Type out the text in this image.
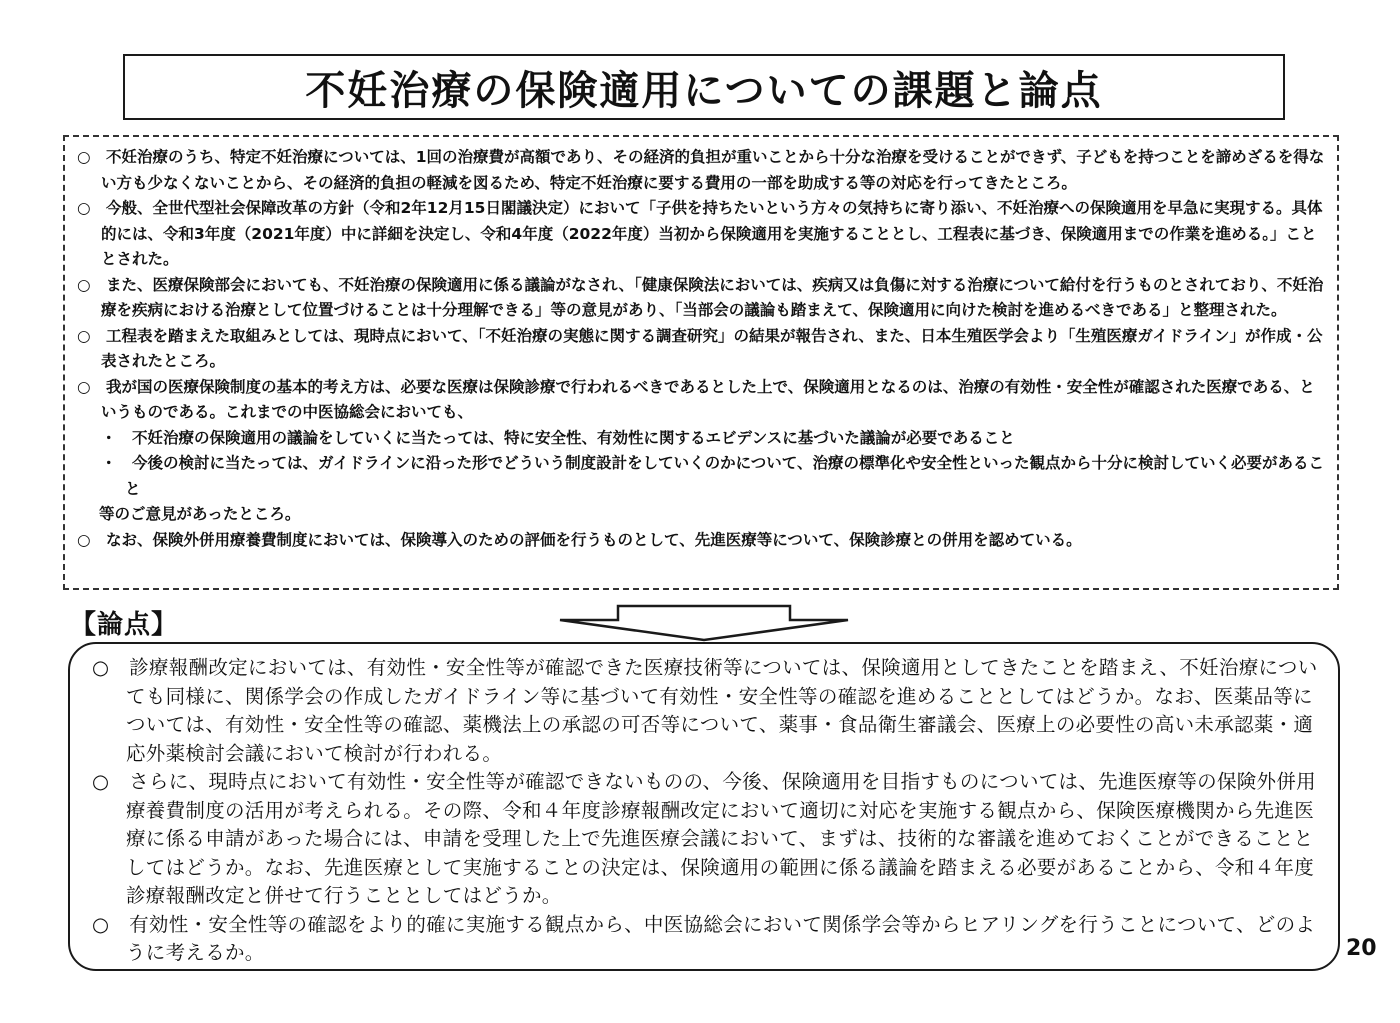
不妊治療の保険適用についての課題と論点

○　不妊治療のうち、特定不妊治療については、1回の治療費が高額であり、その経済的負担が重いことから十分な治療を受けることができず、子どもを持つことを諦めざるを得ない方も少なくないことから、その経済的負担の軽減を図るため、特定不妊治療に要する費用の一部を助成する等の対応を行ってきたところ。

○　今般、全世代型社会保障改革の方針（令和2年12月15日閣議決定）において「子供を持ちたいという方々の気持ちに寄り添い、不妊治療への保険適用を早急に実現する。具体的には、令和3年度（2021年度）中に詳細を決定し、令和4年度（2022年度）当初から保険適用を実施することとし、工程表に基づき、保険適用までの作業を進める。」こととされた。

○　また、医療保険部会においても、不妊治療の保険適用に係る議論がなされ、「健康保険法においては、疾病又は負傷に対する治療について給付を行うものとされており、不妊治療を疾病における治療として位置づけることは十分理解できる」等の意見があり、「当部会の議論も踏まえて、保険適用に向けた検討を進めるべきである」と整理された。

○　工程表を踏まえた取組みとしては、現時点において、「不妊治療の実態に関する調査研究」の結果が報告され、また、日本生殖医学会より「生殖医療ガイドライン」が作成・公表されたところ。

○　我が国の医療保険制度の基本的考え方は、必要な医療は保険診療で行われるべきであるとした上で、保険適用となるのは、治療の有効性・安全性が確認された医療である、というものである。これまでの中医協総会においても、

・　不妊治療の保険適用の議論をしていくに当たっては、特に安全性、有効性に関するエビデンスに基づいた議論が必要であること

・　今後の検討に当たっては、ガイドラインに沿った形でどういう制度設計をしていくのかについて、治療の標準化や安全性といった観点から十分に検討していく必要があること

等のご意見があったところ。

○　なお、保険外併用療養費制度においては、保険導入のための評価を行うものとして、先進医療等について、保険診療との併用を認めている。

【論点】

○　診療報酬改定においては、有効性・安全性等が確認できた医療技術等については、保険適用としてきたことを踏まえ、不妊治療についても同様に、関係学会の作成したガイドライン等に基づいて有効性・安全性等の確認を進めることとしてはどうか。なお、医薬品等については、有効性・安全性等の確認、薬機法上の承認の可否等について、薬事・食品衛生審議会、医療上の必要性の高い未承認薬・適応外薬検討会議において検討が行われる。

○　さらに、現時点において有効性・安全性等が確認できないものの、今後、保険適用を目指すものについては、先進医療等の保険外併用療養費制度の活用が考えられる。その際、令和４年度診療報酬改定において適切に対応を実施する観点から、保険医療機関から先進医療に係る申請があった場合には、申請を受理した上で先進医療会議において、まずは、技術的な審議を進めておくことができることとしてはどうか。なお、先進医療として実施することの決定は、保険適用の範囲に係る議論を踏まえる必要があることから、令和４年度診療報酬改定と併せて行うこととしてはどうか。

○　有効性・安全性等の確認をより的確に実施する観点から、中医協総会において関係学会等からヒアリングを行うことについて、どのように考えるか。	20
